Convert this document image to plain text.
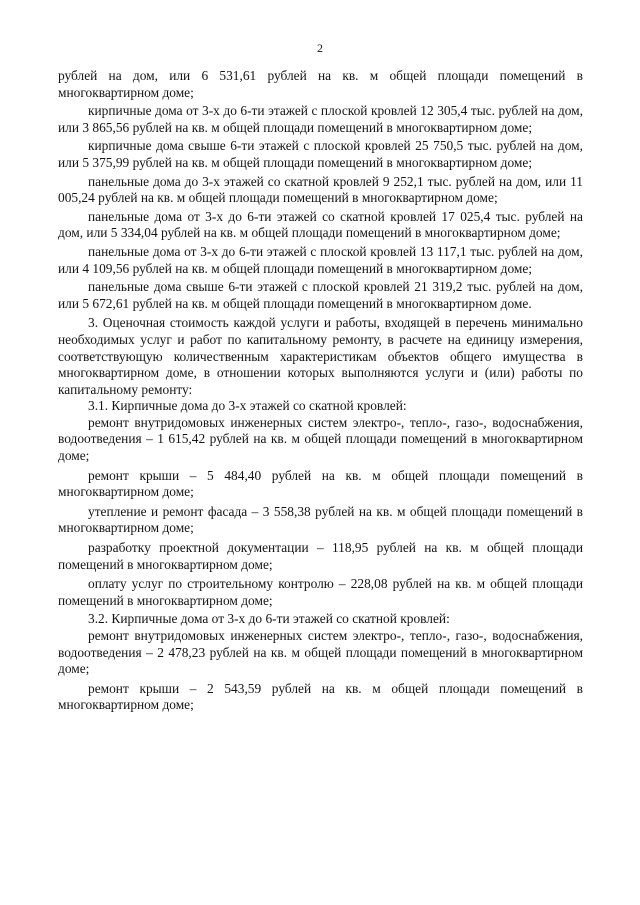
2

рублей на дом, или 6 531,61 рублей на кв. м общей площади помещений в многоквартирном доме;

кирпичные дома от 3-х до 6-ти этажей с плоской кровлей 12 305,4 тыс. рублей на дом, или 3 865,56 рублей на кв. м общей площади помещений в многоквартирном доме;

кирпичные дома свыше 6-ти этажей с плоской кровлей 25 750,5 тыс. рублей на дом, или 5 375,99 рублей на кв. м общей площади помещений в многоквартирном доме;

панельные дома до 3-х этажей со скатной кровлей 9 252,1 тыс. рублей на дом, или 11 005,24 рублей на кв. м общей площади помещений в многоквартирном доме;

панельные дома от 3-х до 6-ти этажей со скатной кровлей 17 025,4 тыс. рублей на дом, или 5 334,04 рублей на кв. м общей площади помещений в многоквартирном доме;

панельные дома от 3-х до 6-ти этажей с плоской кровлей 13 117,1 тыс. рублей на дом, или 4 109,56 рублей на кв. м общей площади помещений в многоквартирном доме;

панельные дома свыше 6-ти этажей с плоской кровлей 21 319,2 тыс. рублей на дом, или 5 672,61 рублей на кв. м общей площади помещений в многоквартирном доме.

3. Оценочная стоимость каждой услуги и работы, входящей в перечень минимально необходимых услуг и работ по капитальному ремонту, в расчете на единицу измерения, соответствующую количественным характеристикам объектов общего имущества в многоквартирном доме, в отношении которых выполняются услуги и (или) работы по капитальному ремонту:

3.1. Кирпичные дома до 3-х этажей со скатной кровлей:

ремонт внутридомовых инженерных систем электро-, тепло-, газо-, водоснабжения, водоотведения – 1 615,42 рублей на кв. м общей площади помещений в многоквартирном доме;

ремонт крыши – 5 484,40 рублей на кв. м общей площади помещений в многоквартирном доме;

утепление и ремонт фасада – 3 558,38 рублей на кв. м общей площади помещений в многоквартирном доме;

разработку проектной документации – 118,95 рублей на кв. м общей площади помещений в многоквартирном доме;

оплату услуг по строительному контролю – 228,08 рублей на кв. м общей площади помещений в многоквартирном доме;

3.2. Кирпичные дома от 3-х до 6-ти этажей со скатной кровлей:

ремонт внутридомовых инженерных систем электро-, тепло-, газо-, водоснабжения, водоотведения – 2 478,23 рублей на кв. м общей площади помещений в многоквартирном доме;

ремонт крыши – 2 543,59 рублей на кв. м общей площади помещений в многоквартирном доме;
